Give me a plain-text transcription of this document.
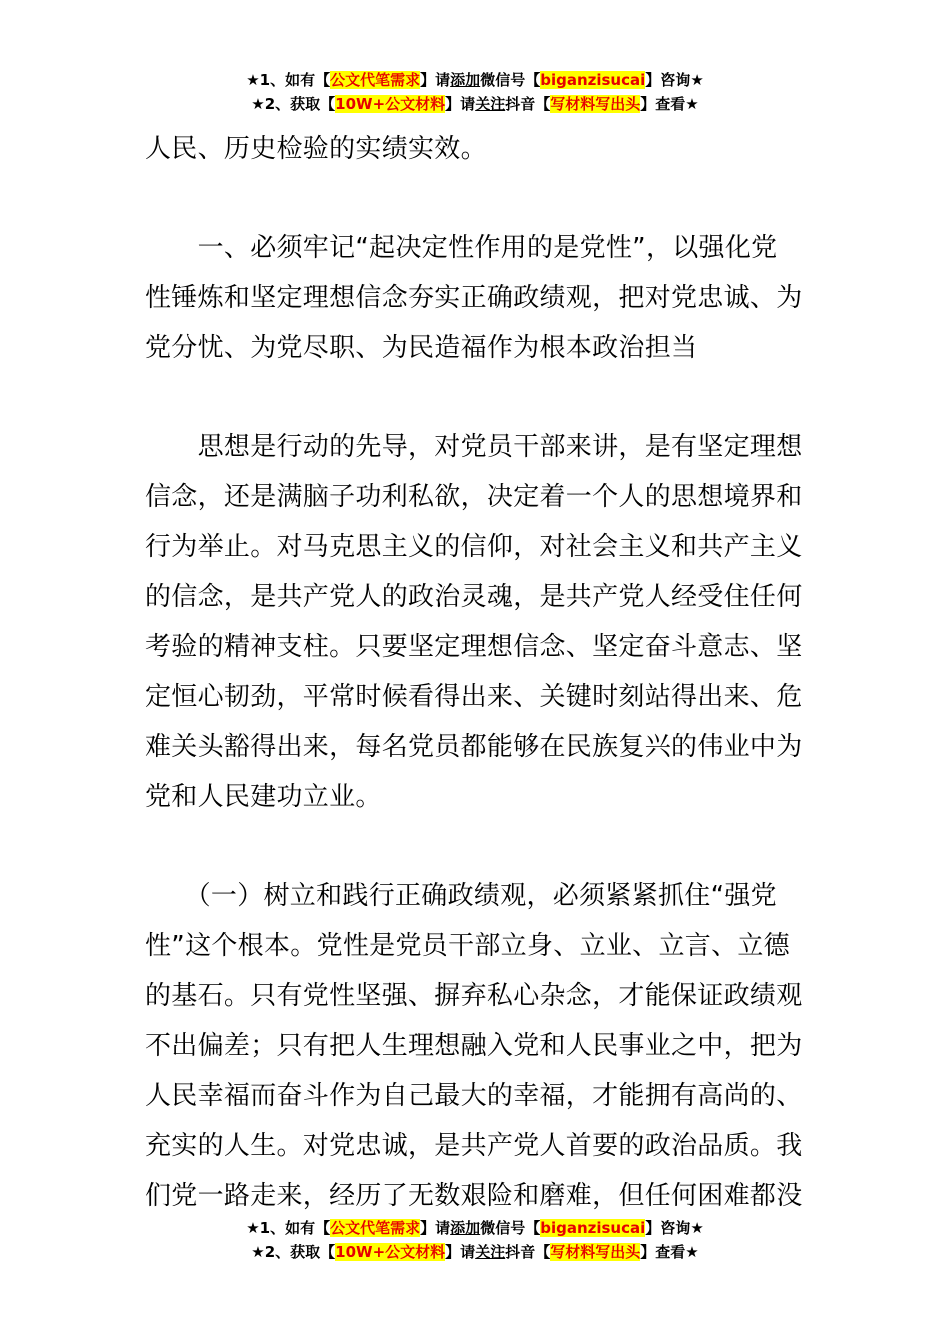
★1、如有【公文代笔需求】请添加微信号【biganzisucai】咨询★
★2、获取【10W+公文材料】请关注抖音【写材料写出头】查看★
人民、历史检验的实绩实效。
　　一、必须牢记“起决定性作用的是党性”，以强化党
性锤炼和坚定理想信念夯实正确政绩观，把对党忠诚、为
党分忧、为党尽职、为民造福作为根本政治担当
　　思想是行动的先导，对党员干部来讲，是有坚定理想
信念，还是满脑子功利私欲，决定着一个人的思想境界和
行为举止。对马克思主义的信仰，对社会主义和共产主义
的信念，是共产党人的政治灵魂，是共产党人经受住任何
考验的精神支柱。只要坚定理想信念、坚定奋斗意志、坚
定恒心韧劲，平常时候看得出来、关键时刻站得出来、危
难关头豁得出来，每名党员都能够在民族复兴的伟业中为
党和人民建功立业。
　　（一）树立和践行正确政绩观，必须紧紧抓住“强党
性”这个根本。党性是党员干部立身、立业、立言、立德
的基石。只有党性坚强、摒弃私心杂念，才能保证政绩观
不出偏差；只有把人生理想融入党和人民事业之中，把为
人民幸福而奋斗作为自己最大的幸福，才能拥有高尚的、
充实的人生。对党忠诚，是共产党人首要的政治品质。我
们党一路走来，经历了无数艰险和磨难，但任何困难都没
★1、如有【公文代笔需求】请添加微信号【biganzisucai】咨询★
★2、获取【10W+公文材料】请关注抖音【写材料写出头】查看★
